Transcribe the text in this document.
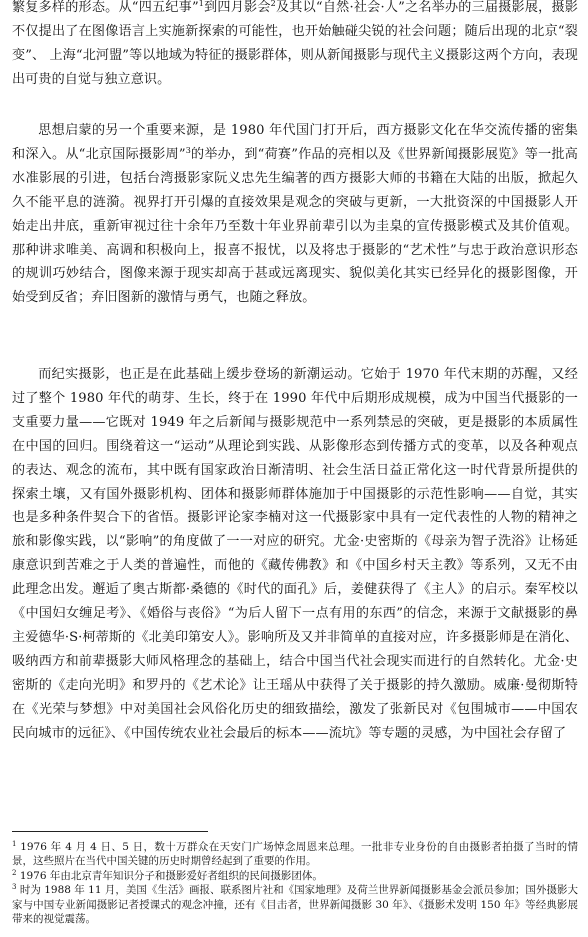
繁复多样的形态。从“四五纪事”$^1$到四月影会$^2$及其以“自然·社会·人”之名举办的三届摄影展，摄影不仅提出了在图像语言上实施新探索的可能性，也开始触碰尖锐的社会问题；随后出现的北京“裂变”、 上海“北河盟”等以地域为特征的摄影群体，则从新闻摄影与现代主义摄影这两个方向，表现出可贵的自觉与独立意识。

思想启蒙的另一个重要来源，是 1980 年代国门打开后，西方摄影文化在华交流传播的密集和深入。从“北京国际摄影周”$^3$的举办，到“荷赛”作品的亮相以及《世界新闻摄影展览》等一批高水准影展的引进，包括台湾摄影家阮义忠先生编著的西方摄影大师的书籍在大陆的出版，掀起久久不能平息的涟漪。视界打开引爆的直接效果是观念的突破与更新，一大批资深的中国摄影人开始走出井底，重新审视过往十余年乃至数十年业界前辈引以为圭臬的宣传摄影模式及其价值观。那种讲求唯美、高调和积极向上，报喜不报忧，以及将忠于摄影的“艺术性”与忠于政治意识形态的规训巧妙结合，图像来源于现实却高于甚或远离现实、貌似美化其实已经异化的摄影图像，开始受到反省；弃旧图新的激情与勇气，也随之释放。

而纪实摄影，也正是在此基础上缓步登场的新潮运动。它始于 1970 年代末期的苏醒，又经过了整个 1980 年代的萌芽、生长，终于在 1990 年代中后期形成规模，成为中国当代摄影的一支重要力量——它既对 1949 年之后新闻与摄影规范中一系列禁忌的突破，更是摄影的本质属性在中国的回归。围绕着这一“运动”从理论到实践、从影像形态到传播方式的变革，以及各种观点的表达、观念的流布，其中既有国家政治日渐清明、社会生活日益正常化这一时代背景所提供的探索土壤，又有国外摄影机构、团体和摄影师群体施加于中国摄影的示范性影响——自觉，其实也是多种条件契合下的省悟。摄影评论家李楠对这一代摄影家中具有一定代表性的人物的精神之旅和影像实践，以“影响”的角度做了一一对应的研究。尤金·史密斯的《母亲为智子洗浴》让杨延康意识到苦难之于人类的普遍性，而他的《藏传佛教》和《中国乡村天主教》等系列，又无不由此理念出发。邂逅了奥古斯都·桑德的《时代的面孔》后，姜健获得了《主人》的启示。秦军校以《中国妇女缠足考》、《婚俗与丧俗》“为后人留下一点有用的东西”的信念，来源于文献摄影的鼻主爱德华·S·柯蒂斯的《北美印第安人》。影响所及又并非简单的直接对应，许多摄影师是在消化、吸纳西方和前辈摄影大师风格理念的基础上，结合中国当代社会现实而进行的自然转化。尤金·史密斯的《走向光明》和罗丹的《艺术论》让王瑶从中获得了关于摄影的持久激励。威廉·曼彻斯特在《光荣与梦想》中对美国社会风俗化历史的细致描绘，激发了张新民对《包围城市——中国农民向城市的远征》、《中国传统农业社会最后的标本——流坑》等专题的灵感，为中国社会存留了

$^1$ 1976 年 4 月 4 日、5 日，数十万群众在天安门广场悼念周恩来总理。一批非专业身份的自由摄影者拍摄了当时的情景，这些照片在当代中国关键的历史时期曾经起到了重要的作用。

$^2$ 1976 年由北京青年知识分子和摄影爱好者组织的民间摄影团体。

$^3$ 时为 1988 年 11 月，美国《生活》画报、联系图片社和《国家地理》及荷兰世界新闻摄影基金会派员参加；国外摄影大家与中国专业新闻摄影记者授课式的观念冲撞，还有《目击者，世界新闻摄影 30 年》、《摄影术发明 150 年》等经典影展带来的视觉震荡。
